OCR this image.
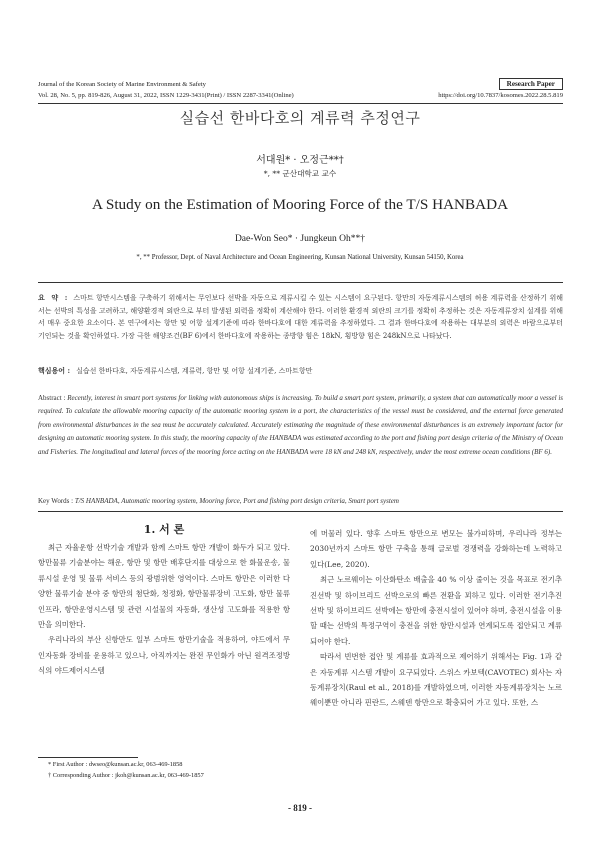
Journal of the Korean Society of Marine Environment & Safety	Research Paper
Vol. 28, No. 5, pp. 819-826, August 31, 2022, ISSN 1229-3431(Print) / ISSN 2287-3341(Online)	https://doi.org/10.7837/kosomes.2022.28.5.819
실습선 한바다호의 계류력 추정연구
서대원* · 오정근**†
*, ** 군산대학교 교수
A Study on the Estimation of Mooring Force of the T/S HANBADA
Dae-Won Seo* · Jungkeun Oh**†
*, ** Professor, Dept. of Naval Architecture and Ocean Engineering, Kunsan National University, Kunsan 54150, Korea
요 약 : 스마트 항만시스템을 구축하기 위해서는 무인보다 선박을 자동으로 계류시킬 수 있는 시스템이 요구된다. 항만의 자동계류시스템의 허용 계류력을 산정하기 위해서는 선박의 특성을 고려하고, 해양환경적 외란으로 부터 발생된 외력을 정확히 계산해야 한다. 이러한 환경적 외란의 크기를 정확히 추정하는 것은 자동계류장치 설계를 위해서 매우 중요한 요소이다. 본 연구에서는 항만 및 어항 설계기준에 따라 한바다호에 대한 계류력을 추정하였다. 그 결과 한바다호에 작용하는 대부분의 외력은 바람으로부터 기인되는 것을 확인하였다. 가장 극한 해양조건(BF 6)에서 한바다호에 작용하는 종방향 힘은 18kN, 횡방향 힘은 248kN으로 나타났다.
핵심용어 : 실습선 한바다호, 자동계류시스템, 계류력, 항만 및 어항 설계기준, 스마트항만
Abstract : Recently, interest in smart port systems for linking with autonomous ships is increasing. To build a smart port system, primarily, a system that can automatically moor a vessel is required. To calculate the allowable mooring capacity of the automatic mooring system in a port, the characteristics of the vessel must be considered, and the external force generated from environmental disturbances in the sea must be accurately calculated. Accurately estimating the magnitude of these environmental disturbances is an extremely important factor for designing an automatic mooring system. In this study, the mooring capacity of the HANBADA was estimated according to the port and fishing port design criteria of the Ministry of Ocean and Fisheries. The longitudinal and lateral forces of the mooring force acting on the HANBADA were 18 kN and 248 kN, respectively, under the most extreme ocean conditions (BF 6).
Key Words : T/S HANBADA, Automatic mooring system, Mooring force, Port and fishing port design criteria, Smart port system
1. 서 론

최근 자율운항 선박기술 개발과 함께 스마트 항만 개발이 화두가 되고 있다. 항만물류 기술분야는 해운, 항만 및 항만 배후단지를 대상으로 한 화물운송, 물류시설 운영 및 물류 서비스 등의 광범위한 영역이다. 스마트 항만은 이러한 다양한 물류기술 분야 중 항만의 첨단화, 청정화, 항만물류장비 고도화, 항만 물류인프라, 항만운영시스템 및 관련 시설물의 자동화, 생산성 고도화를 적용한 항만을 의미한다.

우리나라의 부산 신항만도 일부 스마트 항만기술을 적용하여, 야드에서 무인자동화 장비를 운용하고 있으나, 아직까지는 완전 무인화가 아닌 원격조정방식의 야드제어시스템

에 머물러 있다. 향후 스마트 항만으로 변모는 불가피하며, 우리나라 정부는 2030년까지 스마트 항만 구축을 통해 글로벌 경쟁력을 강화하는데 노력하고 있다(Lee, 2020).

최근 노르웨이는 이산화탄소 배출을 40 % 이상 줄이는 것을 목표로 전기추진선박 및 하이브리드 선박으로의 빠른 전환을 꾀하고 있다. 이러한 전기추진 선박 및 하이브리드 선박에는 항만에 충전시설이 있어야 하며, 충전시설을 이용할 때는 선박의 특정구역이 충전을 위한 항만시설과 연계되도록 접안되고 계류되어야 한다.

따라서 빈번한 접안 및 계류를 효과적으로 제어하기 위해서는 Fig. 1과 같은 자동계류 시스템 개발이 요구되었다. 스위스 카보텍(CAVOTEC) 회사는 자동계류장치(Raul et al., 2018)를 개발하였으며, 이러한 자동계류장치는 노르웨이뿐만 아니라 핀란드, 스웨덴 항만으로 확충되어 가고 있다. 또한, 스

* First Author : dwseo@kunsan.ac.kr, 063-469-1858
† Corresponding Author : jkoh@kunsan.ac.kr, 063-469-1857
- 819 -
